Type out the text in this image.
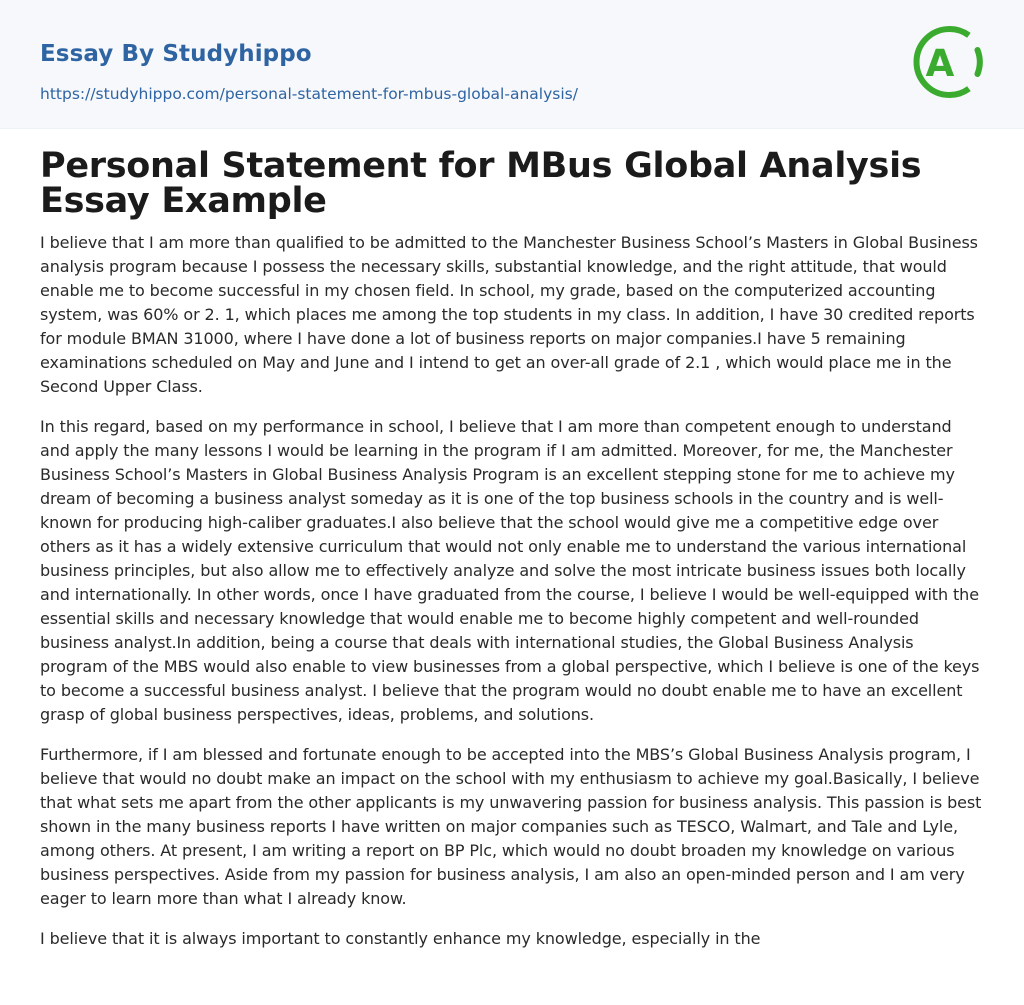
Essay By Studyhippo
https://studyhippo.com/personal-statement-for-mbus-global-analysis/
A
Personal Statement for MBus Global Analysis Essay Example

I believe that I am more than qualified to be admitted to the Manchester Business School’s Masters in Global Business analysis program because I possess the necessary skills, substantial knowledge, and the right attitude, that would enable me to become successful in my chosen field. In school, my grade, based on the computerized accounting system, was 60% or 2. 1, which places me among the top students in my class. In addition, I have 30 credited reports for module BMAN 31000, where I have done a lot of business reports on major companies.I have 5 remaining examinations scheduled on May and June and I intend to get an over-all grade of 2.1 , which would place me in the Second Upper Class.

In this regard, based on my performance in school, I believe that I am more than competent enough to understand and apply the many lessons I would be learning in the program if I am admitted. Moreover, for me, the Manchester Business School’s Masters in Global Business Analysis Program is an excellent stepping stone for me to achieve my dream of becoming a business analyst someday as it is one of the top business schools in the country and is well-known for producing high-caliber graduates.I also believe that the school would give me a competitive edge over others as it has a widely extensive curriculum that would not only enable me to understand the various international business principles, but also allow me to effectively analyze and solve the most intricate business issues both locally and internationally. In other words, once I have graduated from the course, I believe I would be well-equipped with the essential skills and necessary knowledge that would enable me to become highly competent and well-rounded business analyst.In addition, being a course that deals with international studies, the Global Business Analysis program of the MBS would also enable to view businesses from a global perspective, which I believe is one of the keys to become a successful business analyst. I believe that the program would no doubt enable me to have an excellent grasp of global business perspectives, ideas, problems, and solutions.

Furthermore, if I am blessed and fortunate enough to be accepted into the MBS’s Global Business Analysis program, I believe that would no doubt make an impact on the school with my enthusiasm to achieve my goal.Basically, I believe that what sets me apart from the other applicants is my unwavering passion for business analysis. This passion is best shown in the many business reports I have written on major companies such as TESCO, Walmart, and Tale and Lyle, among others. At present, I am writing a report on BP Plc, which would no doubt broaden my knowledge on various business perspectives. Aside from my passion for business analysis, I am also an open-minded person and I am very eager to learn more than what I already know.

I believe that it is always important to constantly enhance my knowledge, especially in the
